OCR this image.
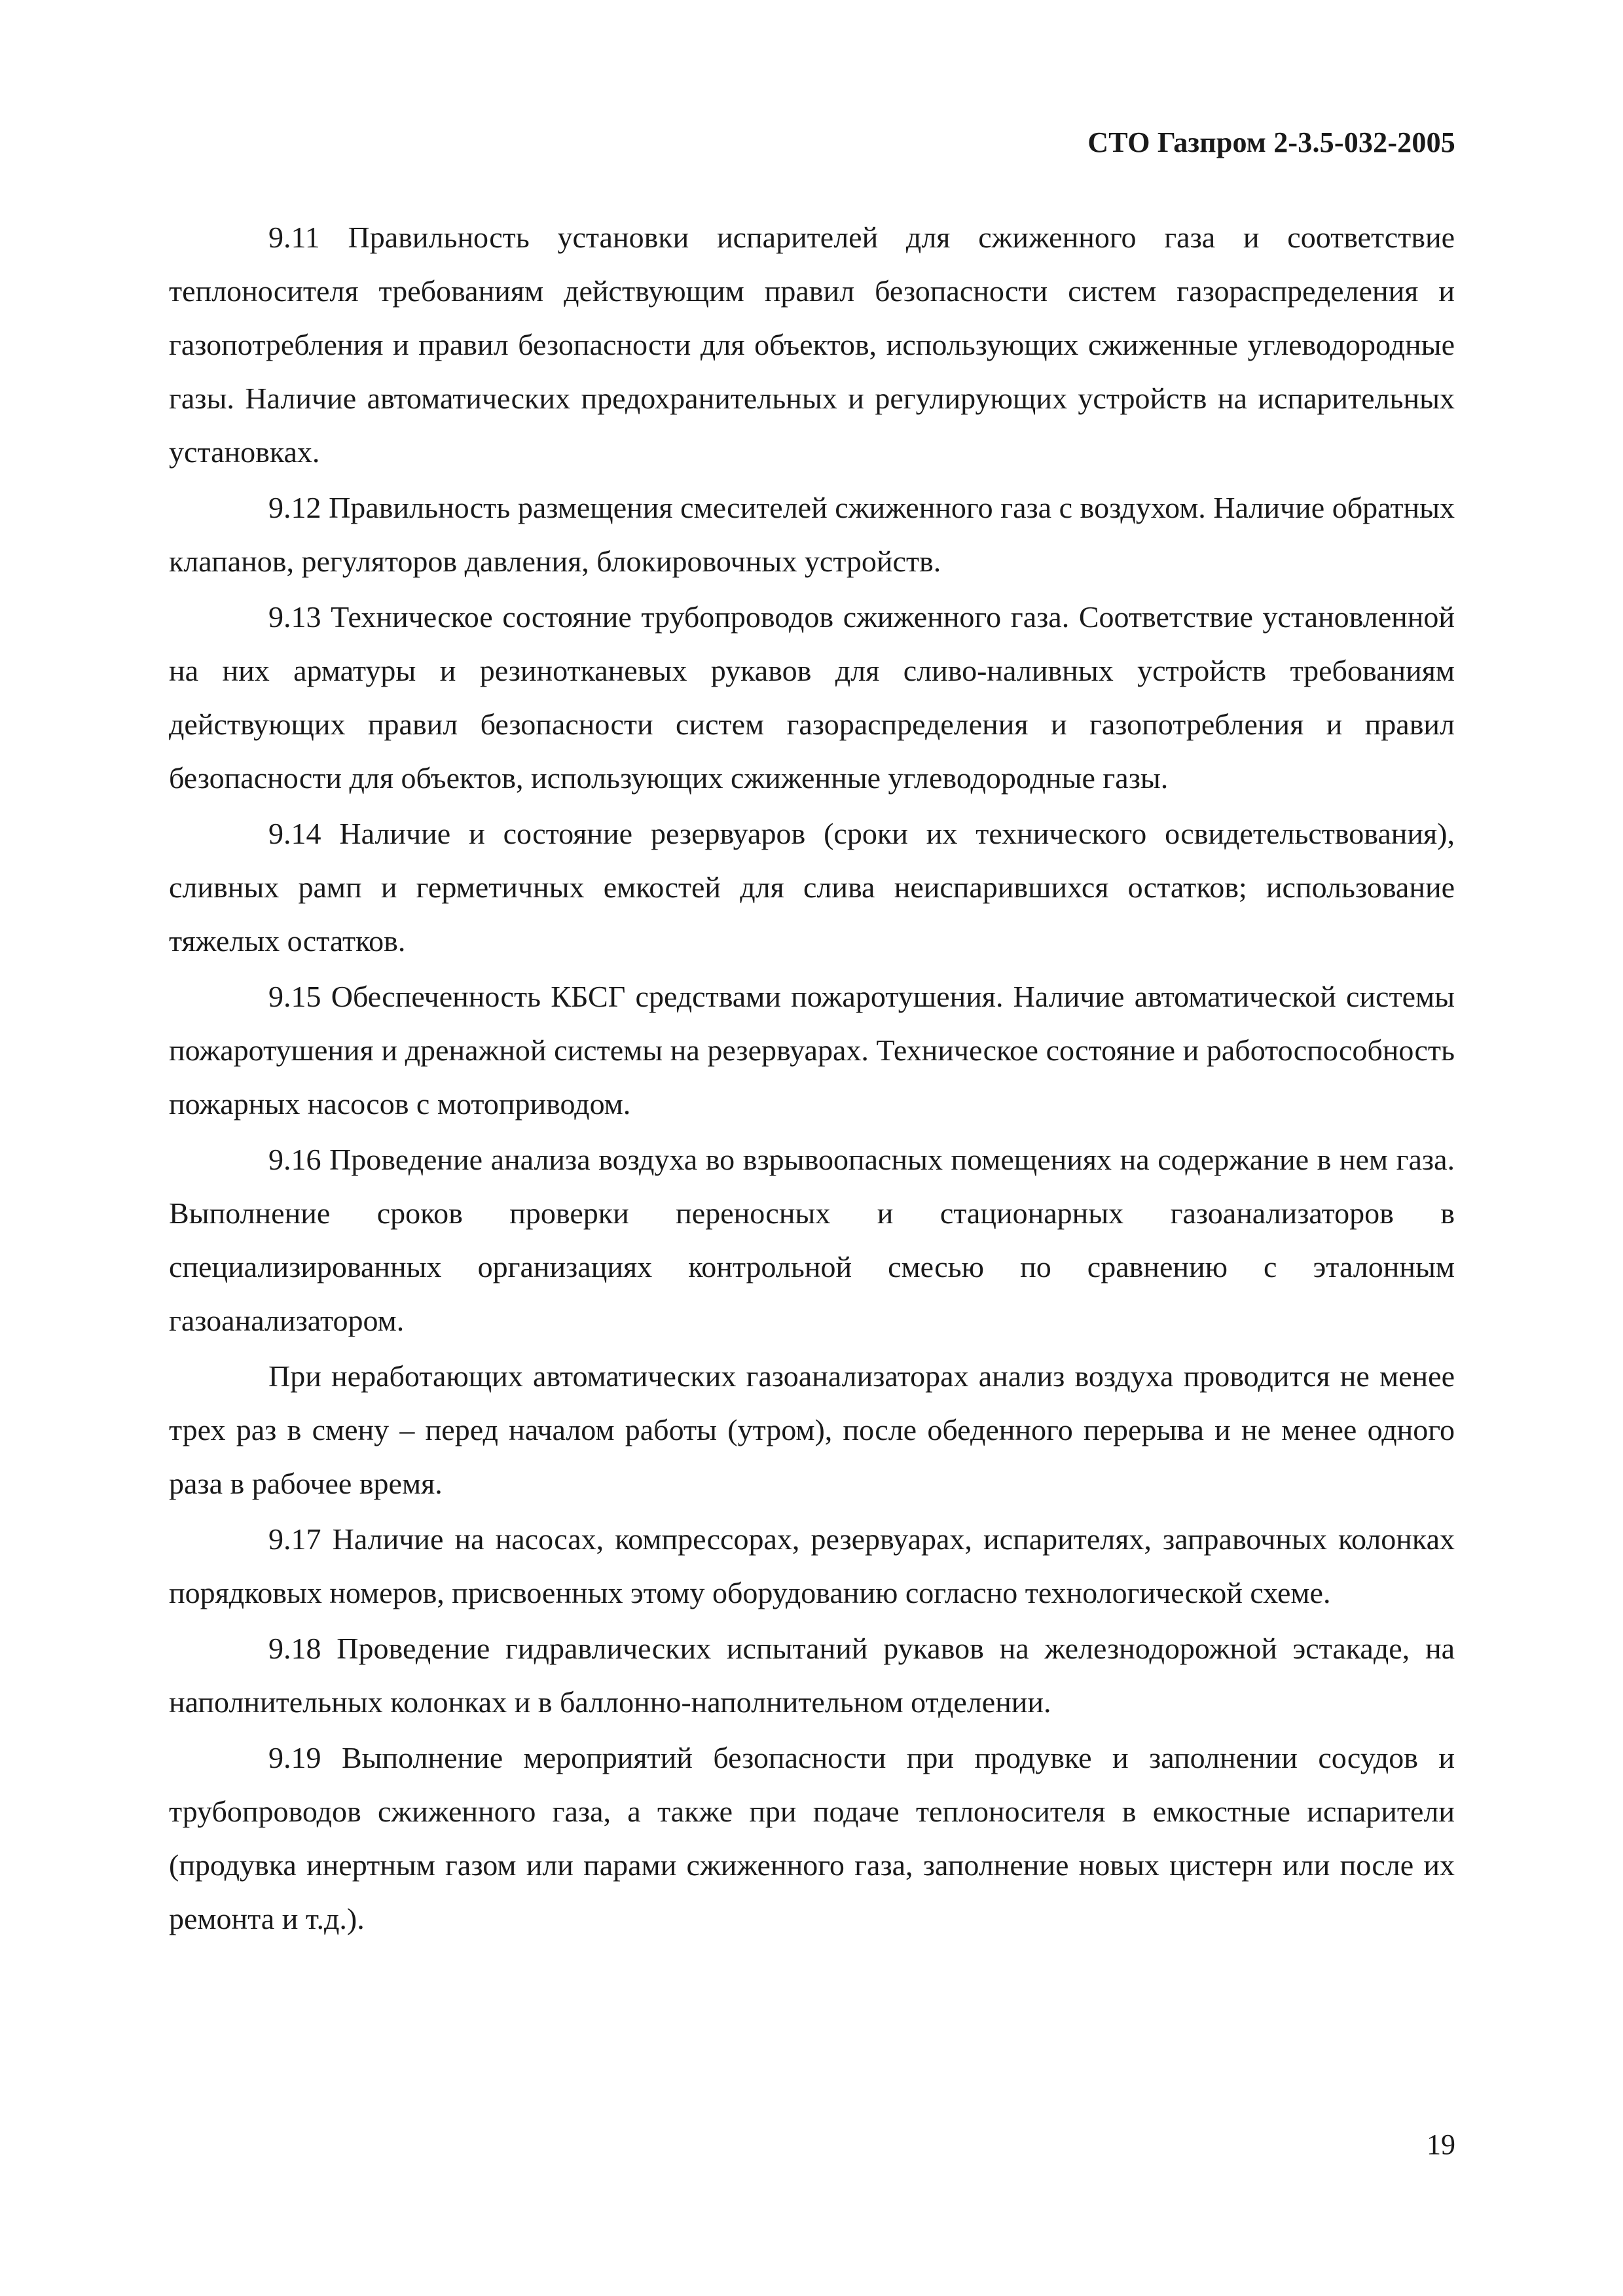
СТО Газпром 2-3.5-032-2005

9.11 Правильность установки испарителей для сжиженного газа и соответствие теплоносителя требованиям действующим правил безопасности систем газораспределения и газопотребления и правил безопасности для объектов, использующих сжиженные углеводородные газы. Наличие автоматических предохранительных и регулирующих устройств на испарительных установках.

9.12 Правильность размещения смесителей сжиженного газа с воздухом. Наличие обратных клапанов, регуляторов давления, блокировочных устройств.

9.13 Техническое состояние трубопроводов сжиженного газа. Соответствие установленной на них арматуры и резинотканевых рукавов для сливо-наливных устройств требованиям действующих правил безопасности систем газораспределения и газопотребления и правил безопасности для объектов, использующих сжиженные углеводородные газы.

9.14 Наличие и состояние резервуаров (сроки их технического освидетельствования), сливных рамп и герметичных емкостей для слива неиспарившихся остатков; использование тяжелых остатков.

9.15 Обеспеченность КБСГ средствами пожаротушения. Наличие автоматической системы пожаротушения и дренажной системы на резервуарах. Техническое состояние и работоспособность пожарных насосов с мотоприводом.

9.16 Проведение анализа воздуха во взрывоопасных помещениях на содержание в нем газа. Выполнение сроков проверки переносных и стационарных газоанализаторов в специализированных организациях контрольной смесью по сравнению с эталонным газоанализатором.

При неработающих автоматических газоанализаторах анализ воздуха проводится не менее трех раз в смену – перед началом работы (утром), после обеденного перерыва и не менее одного раза в рабочее время.

9.17 Наличие на насосах, компрессорах, резервуарах, испарителях, заправочных колонках порядковых номеров, присвоенных этому оборудованию согласно технологической схеме.

9.18 Проведение гидравлических испытаний рукавов на железнодорожной эстакаде, на наполнительных колонках и в баллонно-наполнительном отделении.

9.19 Выполнение мероприятий безопасности при продувке и заполнении сосудов и трубопроводов сжиженного газа, а также при подаче теплоносителя в емкостные испарители (продувка инертным газом или парами сжиженного газа, заполнение новых цистерн или после их ремонта и т.д.).

19
